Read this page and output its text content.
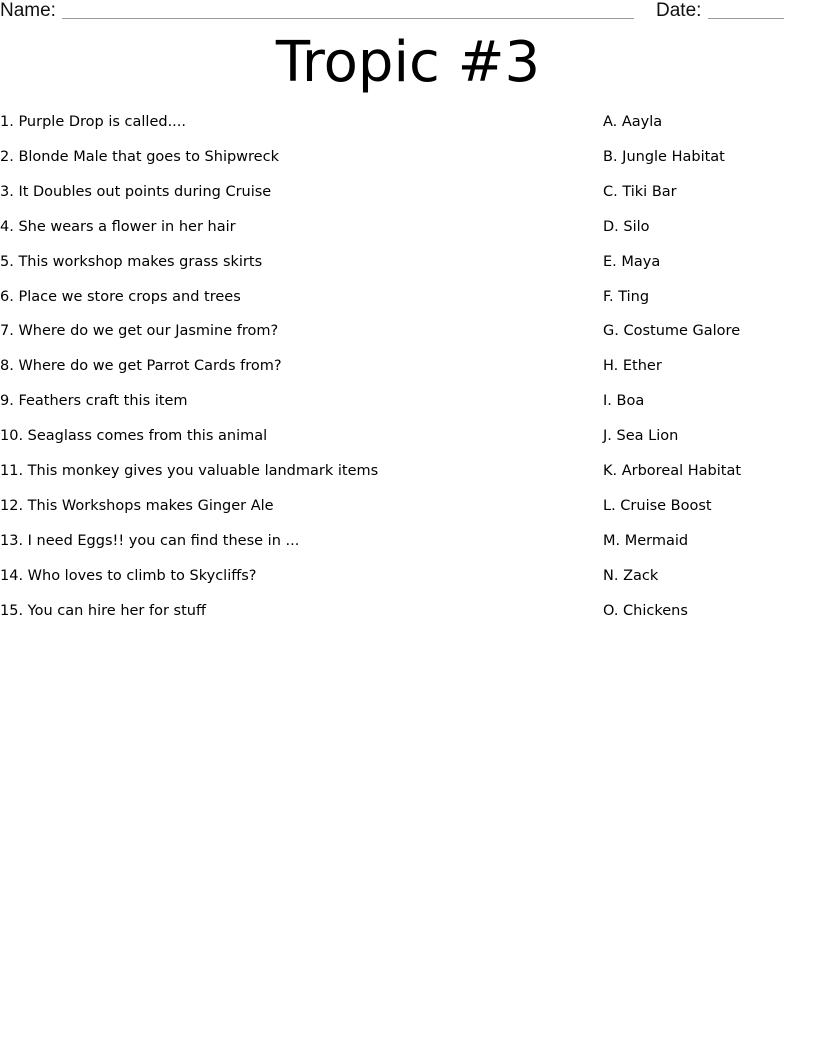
Name:	Date:
Tropic #3
1. Purple Drop is called....	A. Aayla
2. Blonde Male that goes to Shipwreck	B. Jungle Habitat
3. It Doubles out points during Cruise	C. Tiki Bar
4. She wears a flower in her hair	D. Silo
5. This workshop makes grass skirts	E. Maya
6. Place we store crops and trees	F. Ting
7. Where do we get our Jasmine from?	G. Costume Galore
8. Where do we get Parrot Cards from?	H. Ether
9. Feathers craft this item	I. Boa
10. Seaglass comes from this animal	J. Sea Lion
11. This monkey gives you valuable landmark items	K. Arboreal Habitat
12. This Workshops makes Ginger Ale	L. Cruise Boost
13. I need Eggs!! you can find these in ...	M. Mermaid
14. Who loves to climb to Skycliffs?	N. Zack
15. You can hire her for stuff	O. Chickens
